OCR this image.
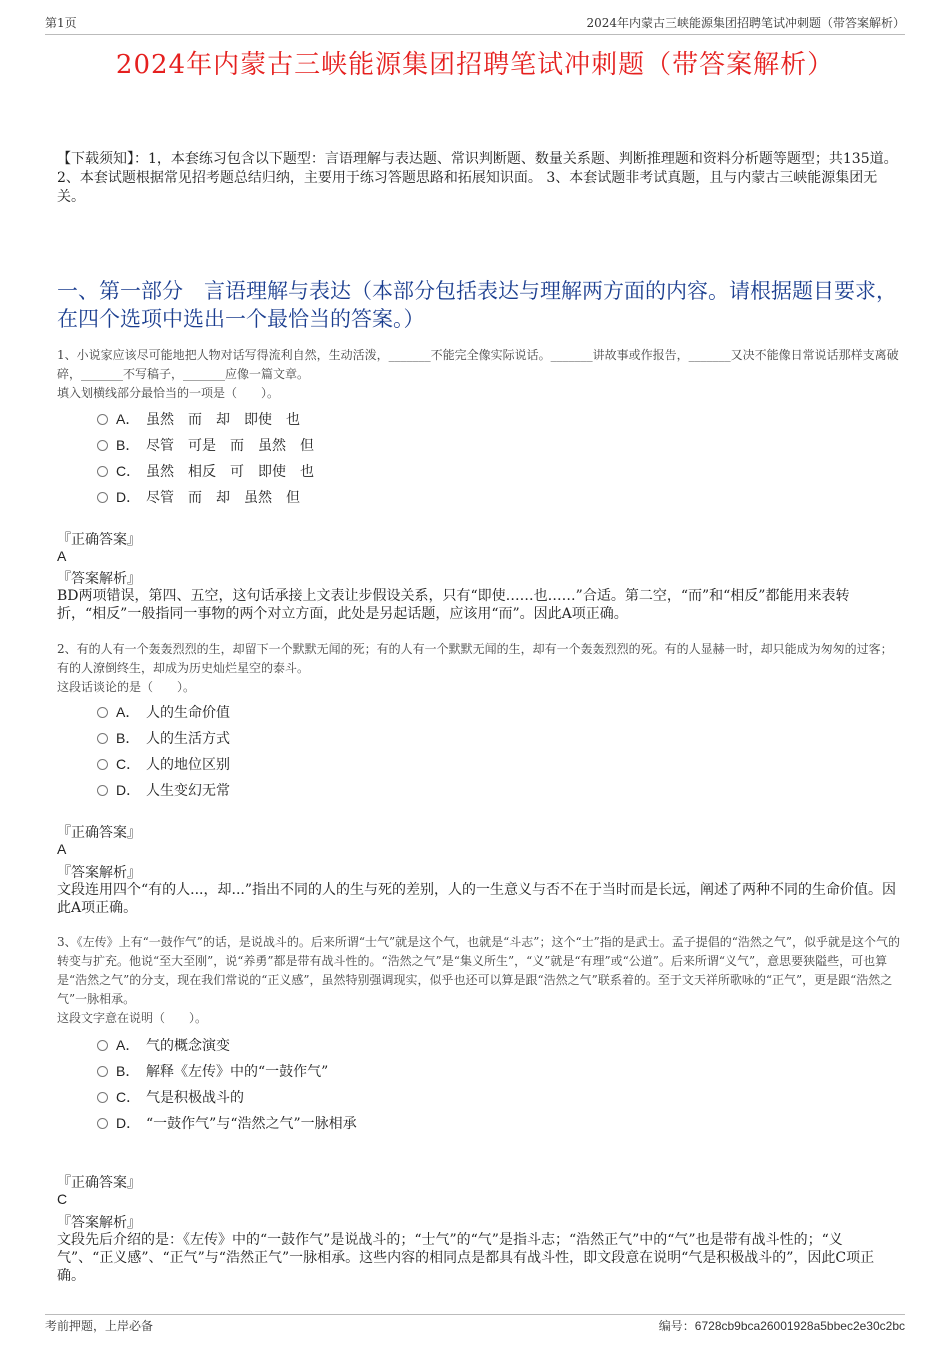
第1页	2024年内蒙古三峡能源集团招聘笔试冲刺题（带答案解析）
2024年内蒙古三峡能源集团招聘笔试冲刺题（带答案解析）
【下载须知】：1，本套练习包含以下题型：言语理解与表达题、常识判断题、数量关系题、判断推理题和资料分析题等题型；共135道。 2、本套试题根据常见招考题总结归纳，主要用于练习答题思路和拓展知识面。 3、本套试题非考试真题，且与内蒙古三峡能源集团无关。
一、第一部分　言语理解与表达（本部分包括表达与理解两方面的内容。请根据题目要求，在四个选项中选出一个最恰当的答案。）
1、小说家应该尽可能地把人物对话写得流利自然，生动活泼，_______不能完全像实际说话。_______讲故事或作报告，_______又决不能像日常说话那样支离破碎，_______不写稿子，_______应像一篇文章。
填入划横线部分最恰当的一项是（　　）。
A． 虽然　而　却　即使　也
B． 尽管　可是　而　虽然　但
C． 虽然　相反　可　即使　也
D． 尽管　而　却　虽然　但
『正确答案』
A
『答案解析』
BD两项错误，第四、五空，这句话承接上文表让步假设关系，只有“即使……也……”合适。第二空，“而”和“相反”都能用来表转折，“相反”一般指同一事物的两个对立方面，此处是另起话题，应该用“而”。因此A项正确。
2、有的人有一个轰轰烈烈的生，却留下一个默默无闻的死；有的人有一个默默无闻的生，却有一个轰轰烈烈的死。有的人显赫一时，却只能成为匆匆的过客；有的人潦倒终生，却成为历史灿烂星空的泰斗。
这段话谈论的是（　　）。
A． 人的生命价值
B． 人的生活方式
C． 人的地位区别
D． 人生变幻无常
『正确答案』
A
『答案解析』
文段连用四个“有的人...，却...”指出不同的人的生与死的差别，人的一生意义与否不在于当时而是长远，阐述了两种不同的生命价值。因此A项正确。
3、《左传》上有“一鼓作气”的话，是说战斗的。后来所谓“士气”就是这个气，也就是“斗志”；这个“士”指的是武士。孟子提倡的“浩然之气”，似乎就是这个气的转变与扩充。他说“至大至刚”，说“养勇”都是带有战斗性的。“浩然之气”是“集义所生”，“义”就是“有理”或“公道”。后来所谓“义气”，意思要狭隘些，可也算是“浩然之气”的分支，现在我们常说的“正义感”，虽然特别强调现实，似乎也还可以算是跟“浩然之气”联系着的。至于文天祥所歌咏的“正气”，更是跟“浩然之气”一脉相承。
这段文字意在说明（　　）。
A． 气的概念演变
B． 解释《左传》中的“一鼓作气”
C． 气是积极战斗的
D． “一鼓作气”与“浩然之气”一脉相承
『正确答案』
C
『答案解析』
文段先后介绍的是：《左传》中的“一鼓作气”是说战斗的；“士气”的“气”是指斗志；“浩然正气”中的“气”也是带有战斗性的；“义气”、“正义感”、“正气”与“浩然正气”一脉相承。这些内容的相同点是都具有战斗性，即文段意在说明“气是积极战斗的”，因此C项正确。
考前押题，上岸必备	编号：6728cb9bca26001928a5bbec2e30c2bc
